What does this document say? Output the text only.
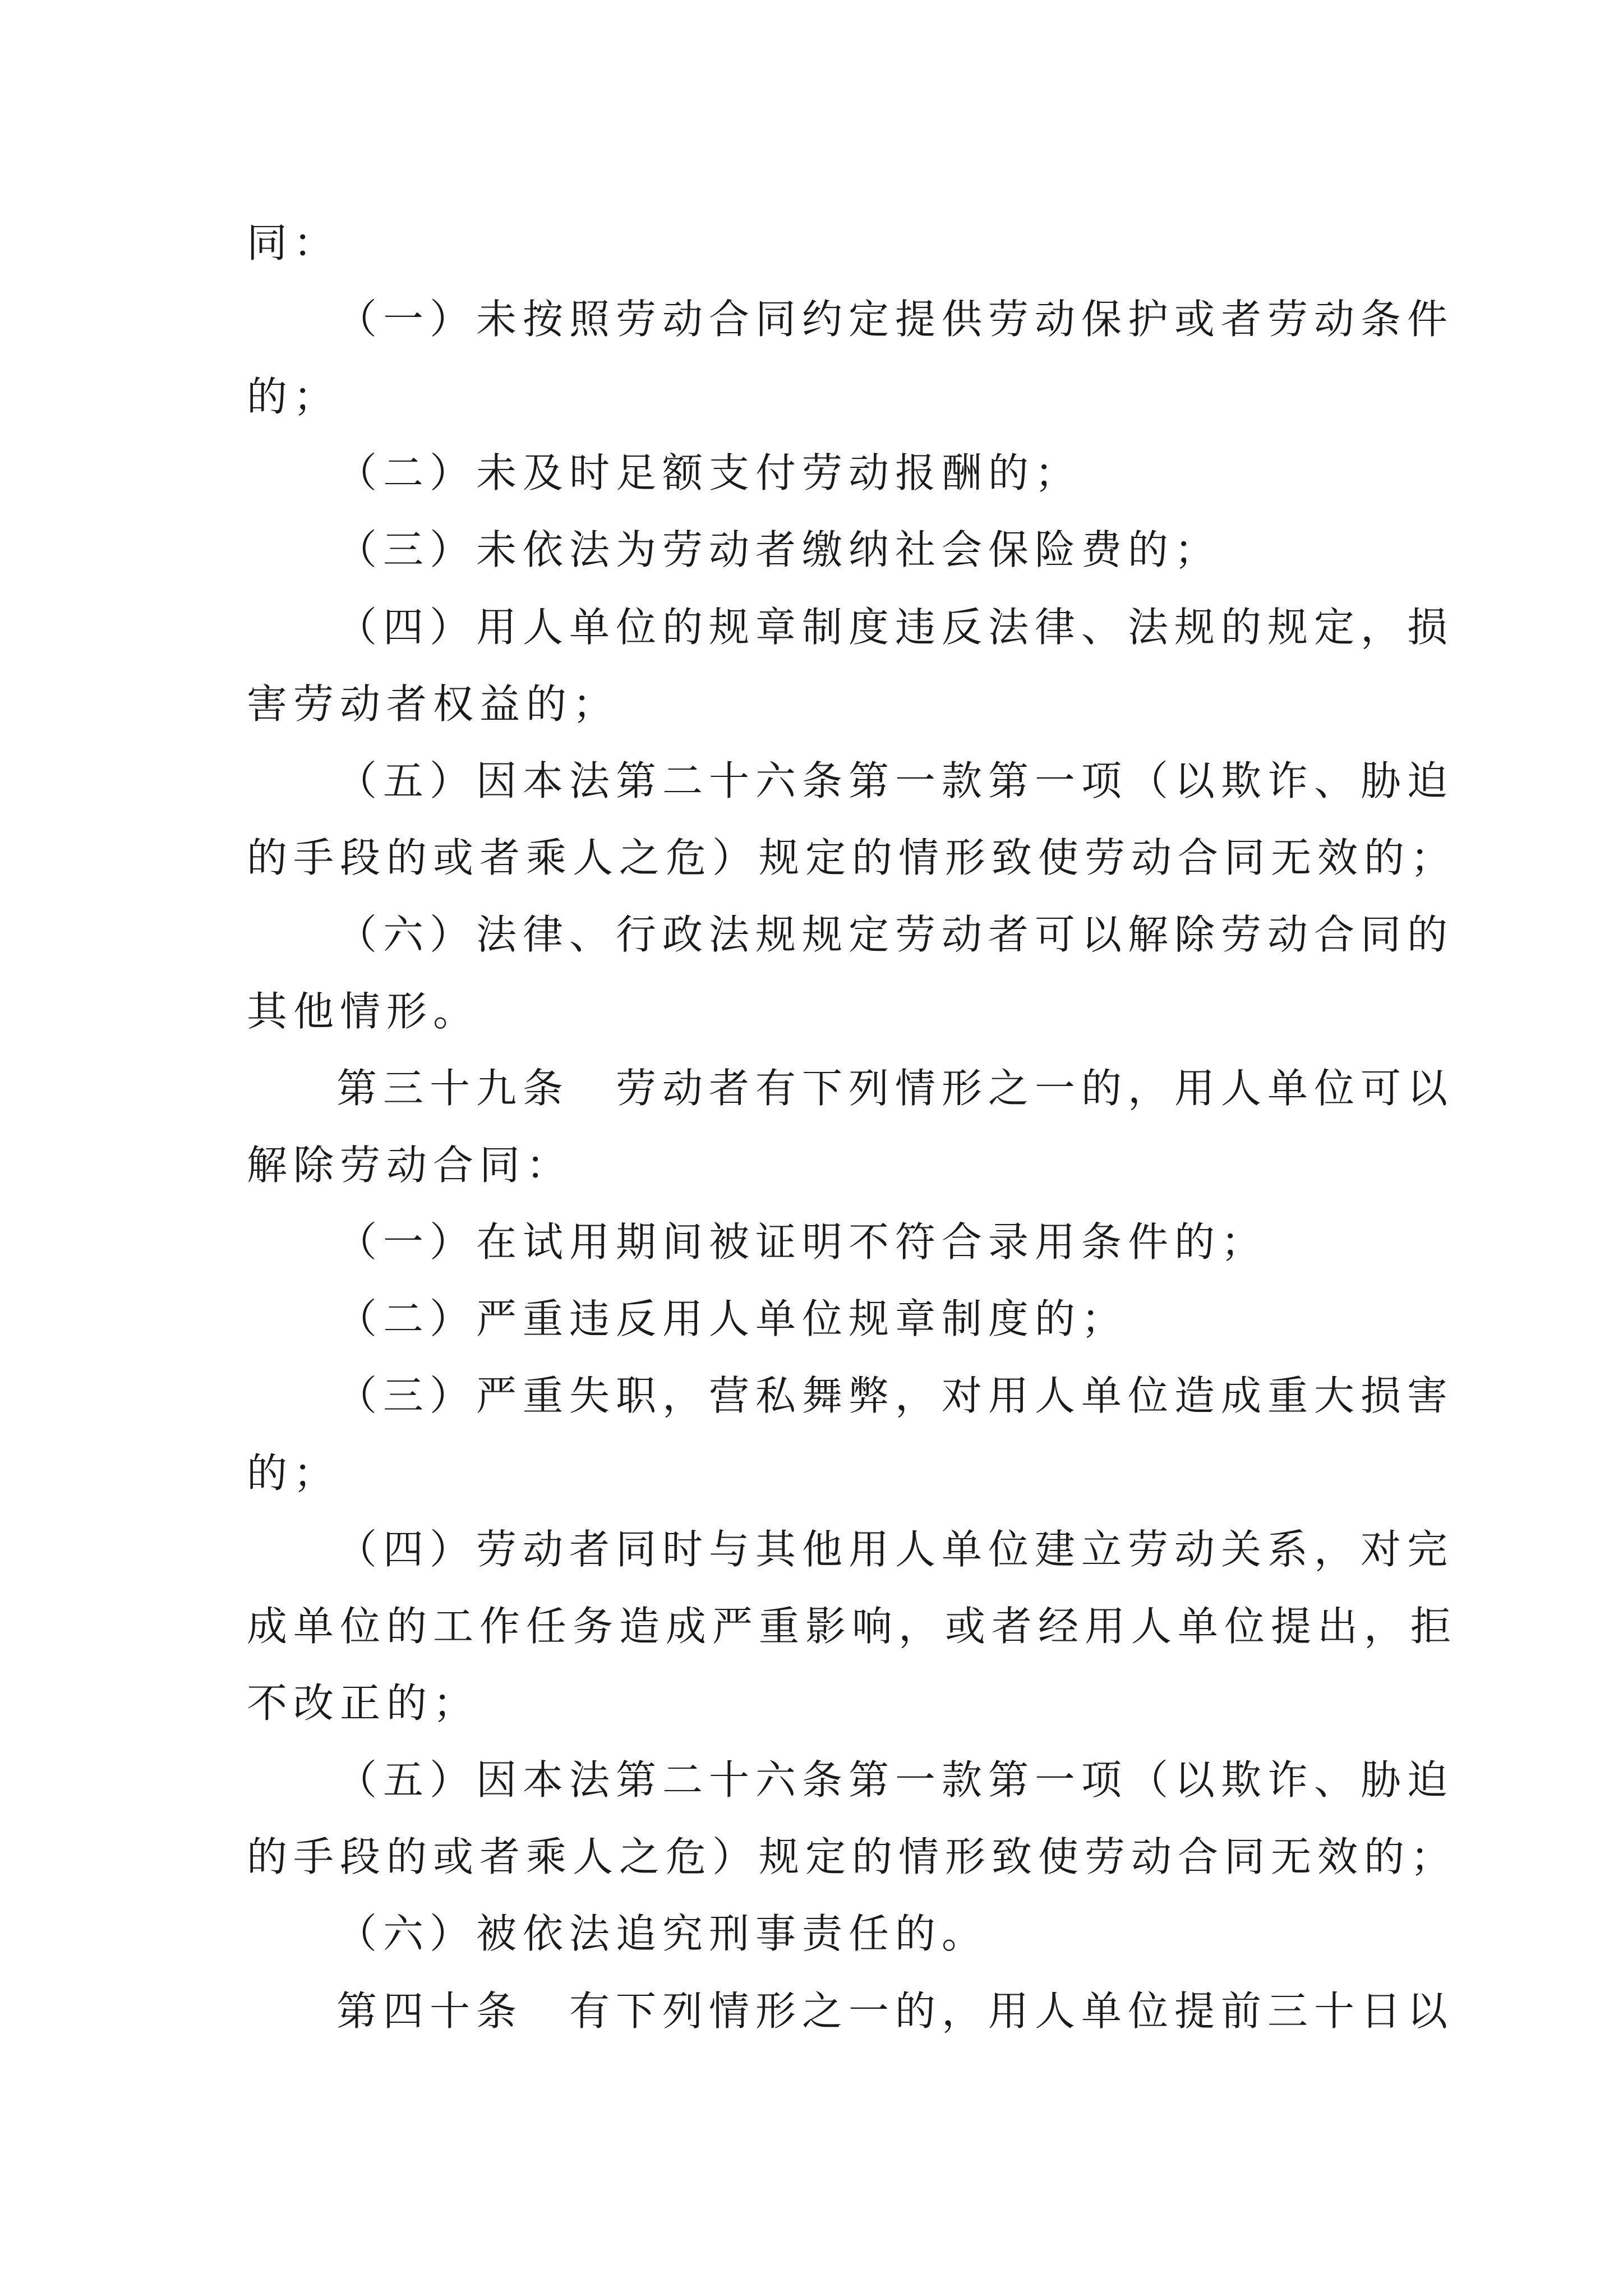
同：
（一）未按照劳动合同约定提供劳动保护或者劳动条件
的；
（二）未及时足额支付劳动报酬的；
（三）未依法为劳动者缴纳社会保险费的；
（四）用人单位的规章制度违反法律、法规的规定，损
害劳动者权益的；
（五）因本法第二十六条第一款第一项（以欺诈、胁迫
的手段的或者乘人之危）规定的情形致使劳动合同无效的；
（六）法律、行政法规规定劳动者可以解除劳动合同的
其他情形。
第三十九条　劳动者有下列情形之一的，用人单位可以
解除劳动合同：
（一）在试用期间被证明不符合录用条件的；
（二）严重违反用人单位规章制度的；
（三）严重失职，营私舞弊，对用人单位造成重大损害
的；
（四）劳动者同时与其他用人单位建立劳动关系，对完
成单位的工作任务造成严重影响，或者经用人单位提出，拒
不改正的；
（五）因本法第二十六条第一款第一项（以欺诈、胁迫
的手段的或者乘人之危）规定的情形致使劳动合同无效的；
（六）被依法追究刑事责任的。
第四十条　有下列情形之一的，用人单位提前三十日以
